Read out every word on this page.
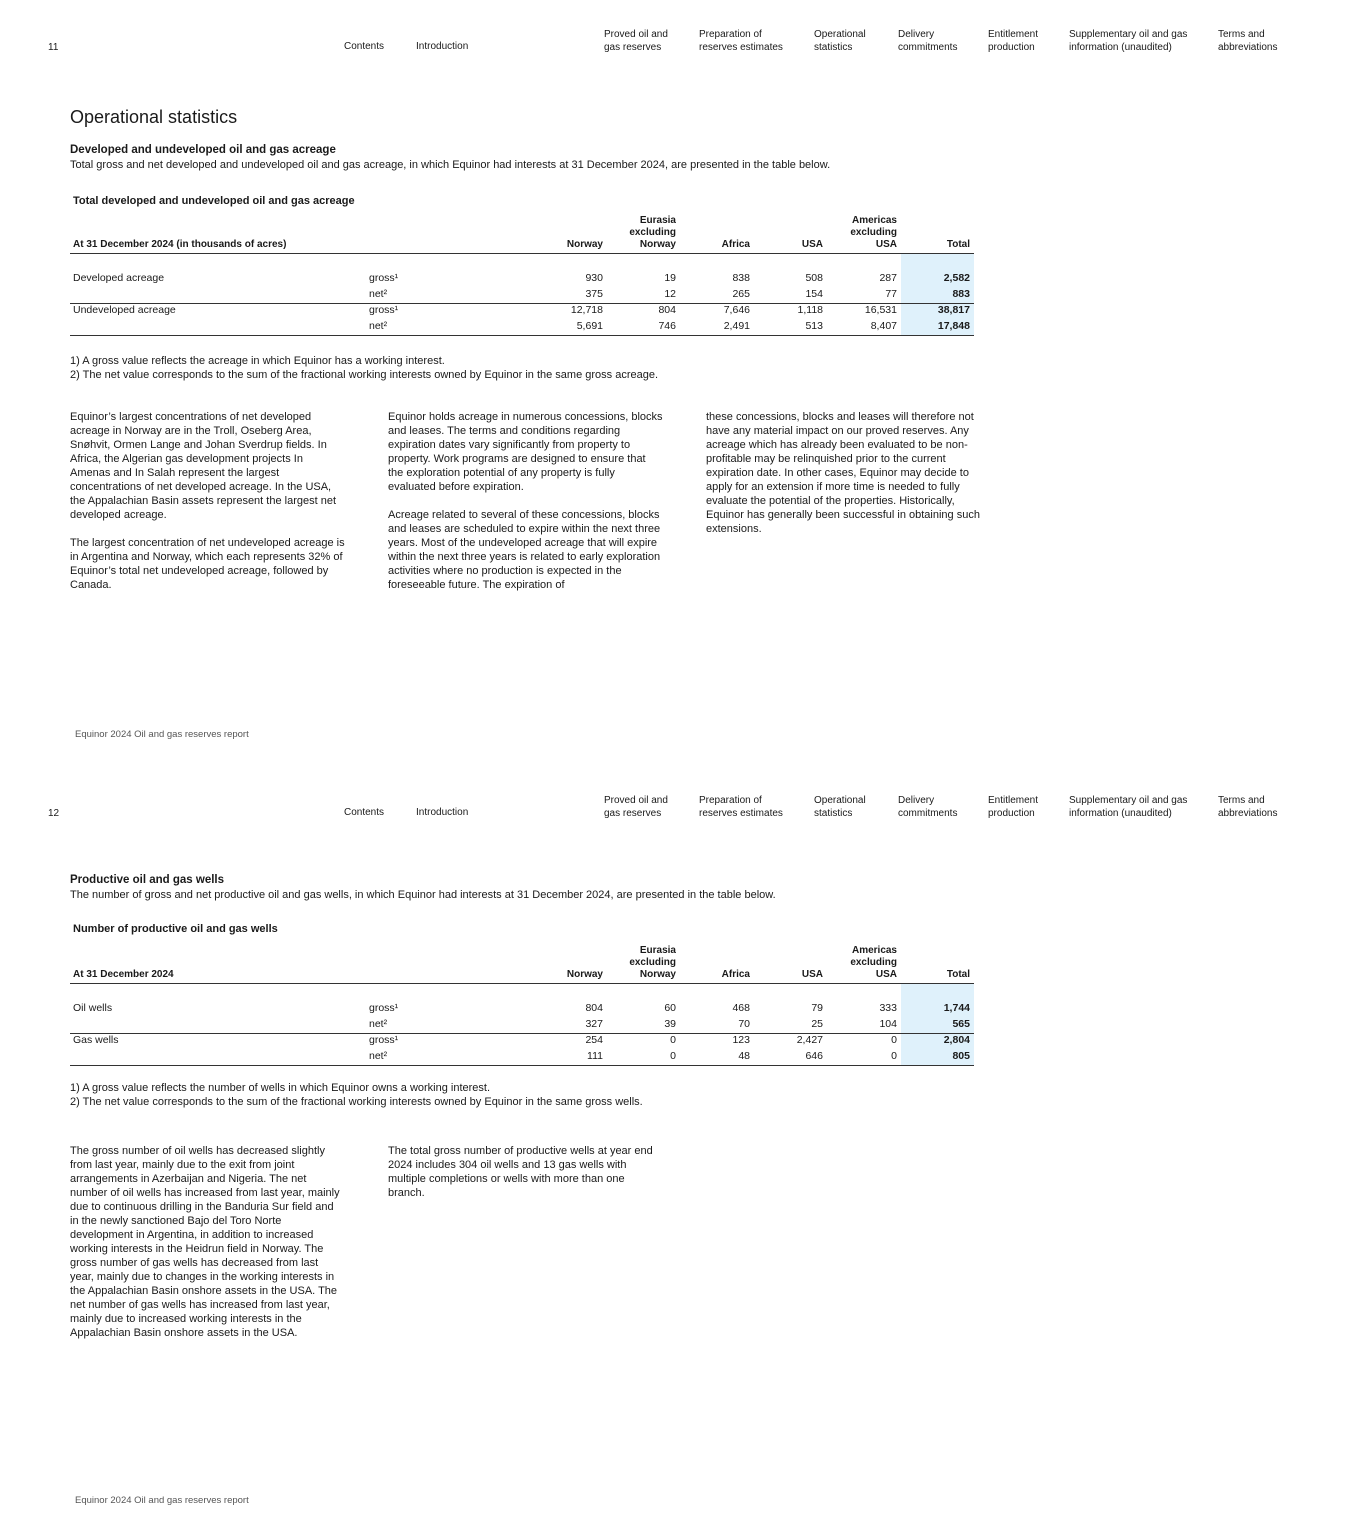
11	Contents	Introduction
Proved oil and
gas reserves
Preparation of
reserves estimates
Operational
statistics
Delivery
commitments
Entitlement
production
Supplementary oil and gas
information (unaudited)
Terms and
abbreviations
Operational statistics
Developed and undeveloped oil and gas acreage
Total gross and net developed and undeveloped oil and gas acreage, in which Equinor had interests at 31 December 2024, are presented in the table below.
Total developed and undeveloped oil and gas acreage
At 31 December 2024 (in thousands of acres)	Norway
Eurasia
excluding
Norway	Africa	USA
Americas
excluding
USA	Total
Developed acreage	gross¹	930	19	838	508	287	2,582
net²	375	12	265	154	77	883
Undeveloped acreage	gross¹	12,718	804	7,646	1,118	16,531	38,817
net²	5,691	746	2,491	513	8,407	17,848
1) A gross value reflects the acreage in which Equinor has a working interest.
2) The net value corresponds to the sum of the fractional working interests owned by Equinor in the same gross acreage.

Equinor’s largest concentrations of net developed acreage in Norway are in the Troll, Oseberg Area, Snøhvit, Ormen Lange and Johan Sverdrup fields. In Africa, the Algerian gas development projects In Amenas and In Salah represent the largest concentrations of net developed acreage. In the USA, the Appalachian Basin assets represent the largest net developed acreage.

The largest concentration of net undeveloped acreage is in Argentina and Norway, which each represents 32% of Equinor’s total net undeveloped acreage, followed by Canada.

Equinor holds acreage in numerous concessions, blocks and leases. The terms and conditions regarding expiration dates vary significantly from property to property. Work programs are designed to ensure that the exploration potential of any property is fully evaluated before expiration.

Acreage related to several of these concessions, blocks and leases are scheduled to expire within the next three years. Most of the undeveloped acreage that will expire within the next three years is related to early exploration activities where no production is expected in the foreseeable future. The expiration of

these concessions, blocks and leases will therefore not have any material impact on our proved reserves. Any acreage which has already been evaluated to be non-profitable may be relinquished prior to the current expiration date. In other cases, Equinor may decide to apply for an extension if more time is needed to fully evaluate the potential of the properties. Historically, Equinor has generally been successful in obtaining such extensions.

Equinor 2024 Oil and gas reserves report
12	Contents	Introduction
Proved oil and
gas reserves
Preparation of
reserves estimates
Operational
statistics
Delivery
commitments
Entitlement
production
Supplementary oil and gas
information (unaudited)
Terms and
abbreviations
Productive oil and gas wells
The number of gross and net productive oil and gas wells, in which Equinor had interests at 31 December 2024, are presented in the table below.
Number of productive oil and gas wells
At 31 December 2024	Norway
Eurasia
excluding
Norway	Africa	USA
Americas
excluding
USA	Total
Oil wells	gross¹	804	60	468	79	333	1,744
net²	327	39	70	25	104	565
Gas wells	gross¹	254	0	123	2,427	0	2,804
net²	111	0	48	646	0	805
1) A gross value reflects the number of wells in which Equinor owns a working interest.
2) The net value corresponds to the sum of the fractional working interests owned by Equinor in the same gross wells.

The gross number of oil wells has decreased slightly from last year, mainly due to the exit from joint arrangements in Azerbaijan and Nigeria. The net number of oil wells has increased from last year, mainly due to continuous drilling in the Banduria Sur field and in the newly sanctioned Bajo del Toro Norte development in Argentina, in addition to increased working interests in the Heidrun field in Norway. The gross number of gas wells has decreased from last year, mainly due to changes in the working interests in the Appalachian Basin onshore assets in the USA. The net number of gas wells has increased from last year, mainly due to increased working interests in the Appalachian Basin onshore assets in the USA.

The total gross number of productive wells at year end 2024 includes 304 oil wells and 13 gas wells with multiple completions or wells with more than one branch.

Equinor 2024 Oil and gas reserves report
